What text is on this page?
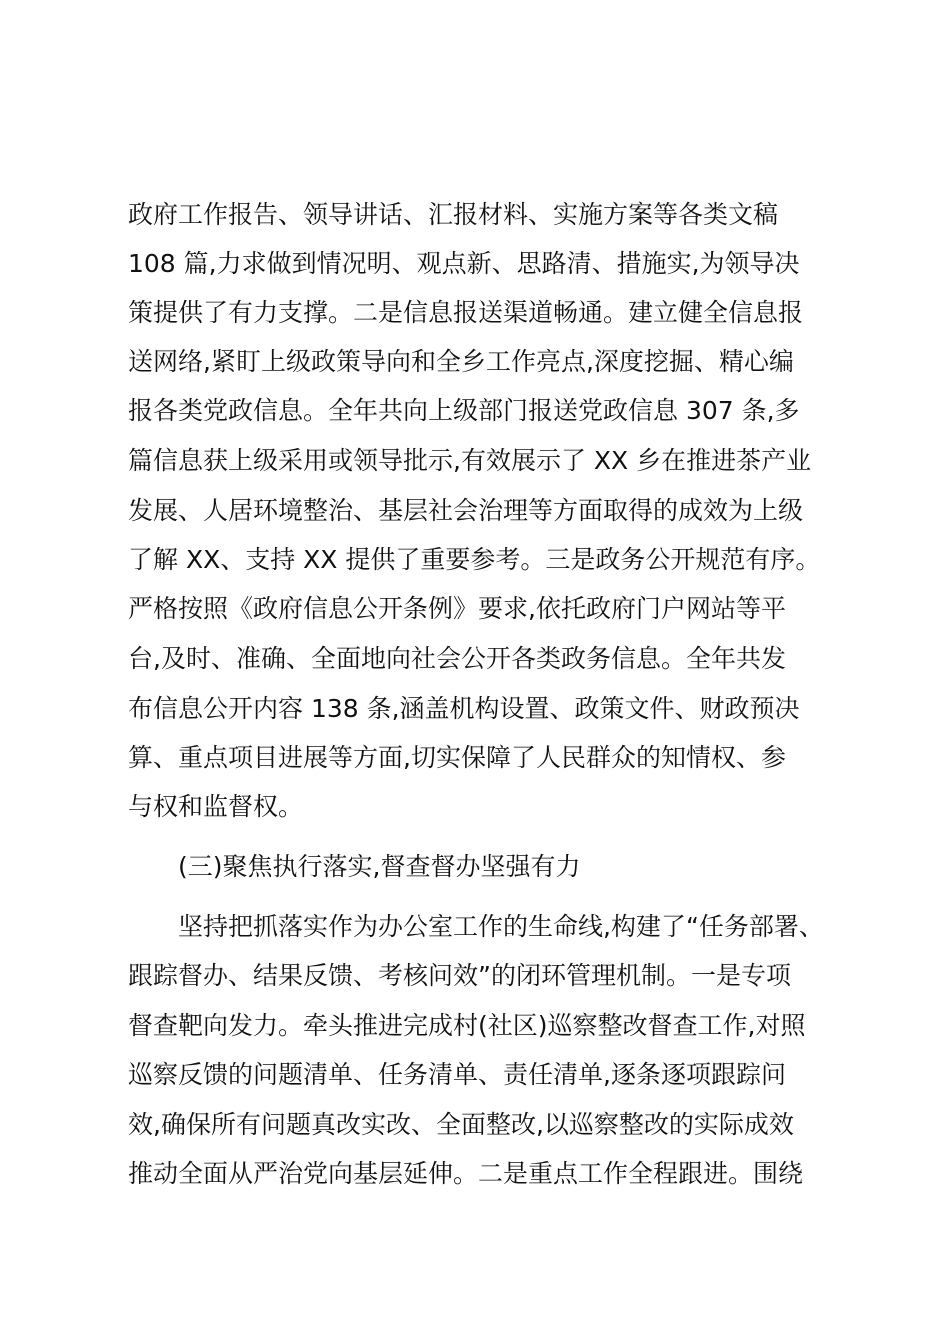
政府工作报告、领导讲话、汇报材料、实施方案等各类文稿
108 篇,力求做到情况明、观点新、思路清、措施实,为领导决
策提供了有力支撑。二是信息报送渠道畅通。建立健全信息报
送网络,紧盯上级政策导向和全乡工作亮点,深度挖掘、精心编
报各类党政信息。全年共向上级部门报送党政信息 307 条,多
篇信息获上级采用或领导批示,有效展示了 XX 乡在推进茶产业
发展、人居环境整治、基层社会治理等方面取得的成效为上级
了解 XX、支持 XX 提供了重要参考。三是政务公开规范有序。
严格按照《政府信息公开条例》要求,依托政府门户网站等平
台,及时、准确、全面地向社会公开各类政务信息。全年共发
布信息公开内容 138 条,涵盖机构设置、政策文件、财政预决
算、重点项目进展等方面,切实保障了人民群众的知情权、参
与权和监督权。
(三)聚焦执行落实,督查督办坚强有力
坚持把抓落实作为办公室工作的生命线,构建了“任务部署、
跟踪督办、结果反馈、考核问效”的闭环管理机制。一是专项
督查靶向发力。牵头推进完成村(社区)巡察整改督查工作,对照
巡察反馈的问题清单、任务清单、责任清单,逐条逐项跟踪问
效,确保所有问题真改实改、全面整改,以巡察整改的实际成效
推动全面从严治党向基层延伸。二是重点工作全程跟进。围绕
